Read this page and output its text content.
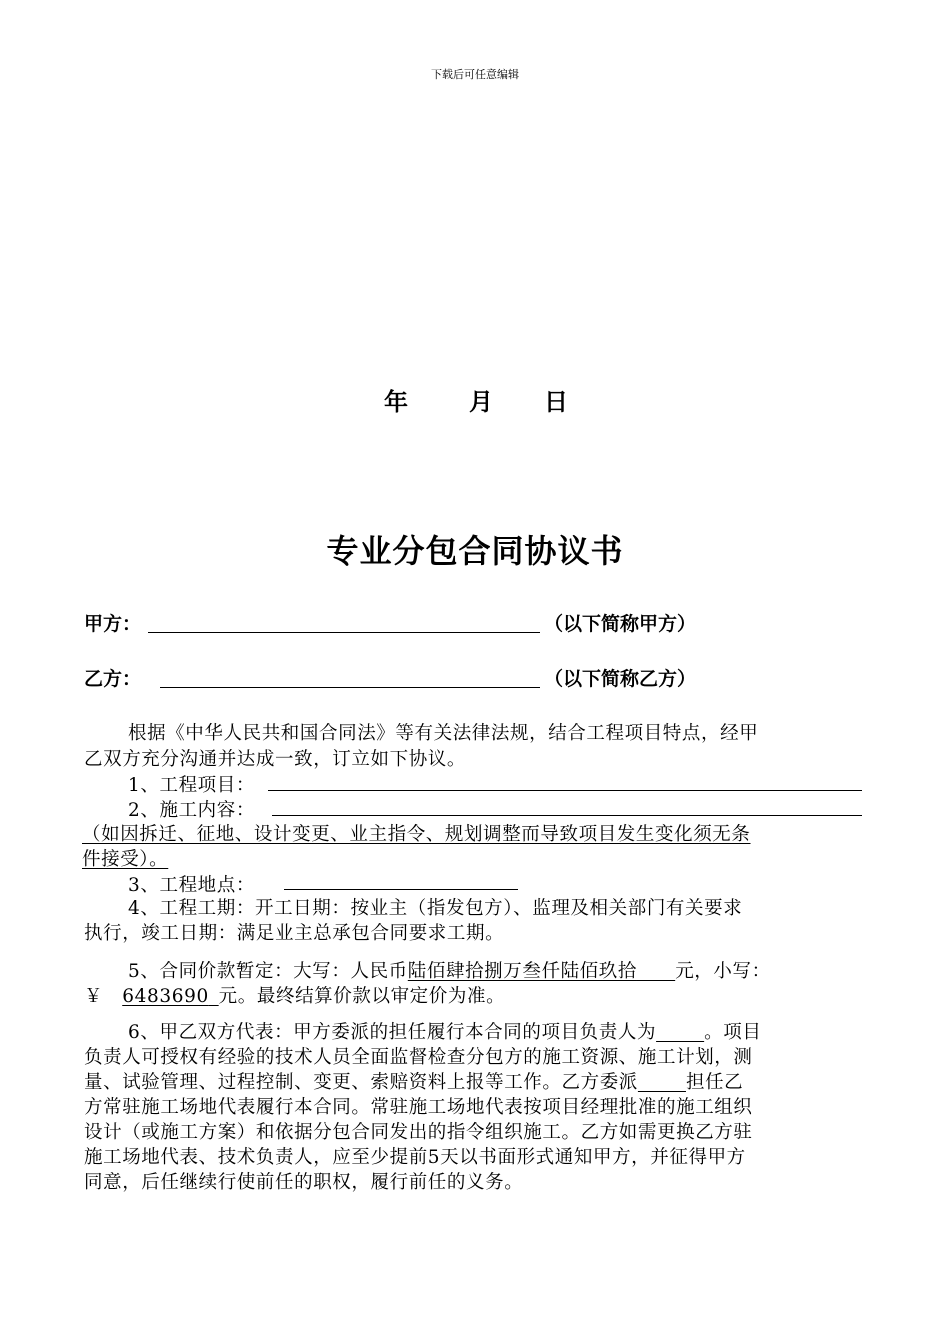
下载后可任意编辑
年	月 日
专业分包合同协议书
甲方：	（以下简称甲方）
乙方：	（以下简称乙方）
根据《中华人民共和国合同法》等有关法律法规，结合工程项目特点，经甲
乙双方充分沟通并达成一致，订立如下协议。
1、工程项目：
2、施工内容：
（如因拆迁、征地、设计变更、业主指令、规划调整而导致项目发生变化须无条
件接受）。
3、工程地点：
4、工程工期：开工日期：按业主（指发包方）、监理及相关部门有关要求
执行，竣工日期：满足业主总承包合同要求工期。
5、合同价款暂定：大写：人民币陆佰肆拾捌万叁仟陆佰玖拾   元，小写：
￥  6483690  元。最终结算价款以审定价为准。
6、甲乙双方代表：甲方委派的担任履行本合同的项目负责人为   	。项目
负责人可授权有经验的技术人员全面监督检查分包方的施工资源、施工计划，测
量、试验管理、过程控制、变更、索赔资料上报等工作。乙方委派   	担任乙
方常驻施工场地代表履行本合同。常驻施工场地代表按项目经理批准的施工组织
设计（或施工方案）和依据分包合同发出的指令组织施工。乙方如需更换乙方驻
施工场地代表、技术负责人，应至少提前5天以书面形式通知甲方，并征得甲方
同意，后任继续行使前任的职权，履行前任的义务。
